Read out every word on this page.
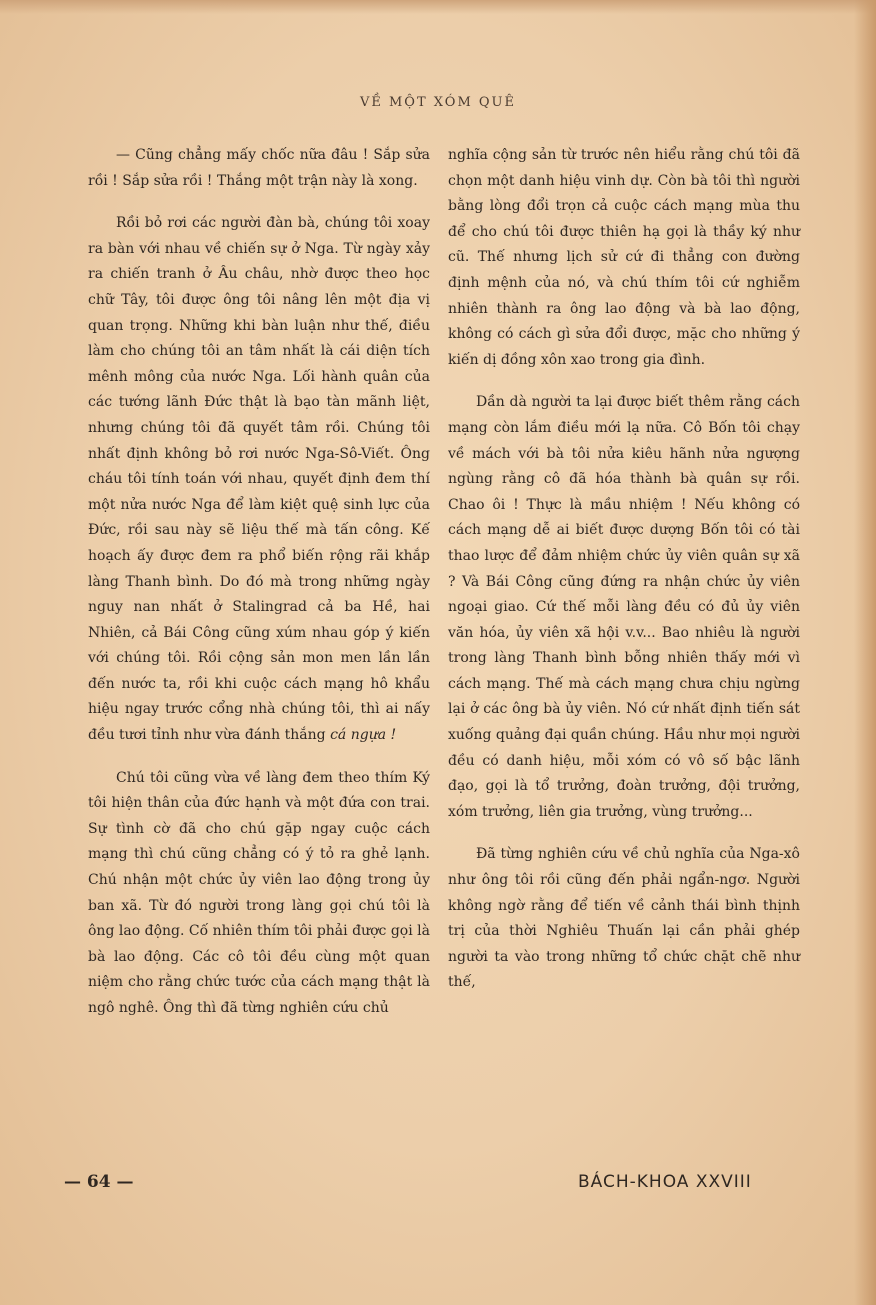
VỀ MỘT XÓM QUÊ

— Cũng chẳng mấy chốc nữa đâu ! Sắp sửa rồi ! Sắp sửa rồi ! Thắng một trận này là xong.

Rồi bỏ rơi các người đàn bà, chúng tôi xoay ra bàn với nhau về chiến sự ở Nga. Từ ngày xảy ra chiến tranh ở Âu châu, nhờ được theo học chữ Tây, tôi được ông tôi nâng lên một địa vị quan trọng. Những khi bàn luận như thế, điều làm cho chúng tôi an tâm nhất là cái diện tích mênh mông của nước Nga. Lối hành quân của các tướng lãnh Đức thật là bạo tàn mãnh liệt, nhưng chúng tôi đã quyết tâm rồi. Chúng tôi nhất định không bỏ rơi nước Nga-Sô-Viết. Ông cháu tôi tính toán với nhau, quyết định đem thí một nửa nước Nga để làm kiệt quệ sinh lực của Đức, rồi sau này sẽ liệu thế mà tấn công. Kế hoạch ấy được đem ra phổ biến rộng rãi khắp làng Thanh bình. Do đó mà trong những ngày nguy nan nhất ở Stalingrad cả ba Hề, hai Nhiên, cả Bái Công cũng xúm nhau góp ý kiến với chúng tôi. Rồi cộng sản mon men lần lần đến nước ta, rồi khi cuộc cách mạng hô khẩu hiệu ngay trước cổng nhà chúng tôi, thì ai nấy đều tươi tỉnh như vừa đánh thắng cá ngựa !

Chú tôi cũng vừa về làng đem theo thím Ký tôi hiện thân của đức hạnh và một đứa con trai. Sự tình cờ đã cho chú gặp ngay cuộc cách mạng thì chú cũng chẳng có ý tỏ ra ghẻ lạnh. Chú nhận một chức ủy viên lao động trong ủy ban xã. Từ đó người trong làng gọi chú tôi là ông lao động. Cố nhiên thím tôi phải được gọi là bà lao động. Các cô tôi đều cùng một quan niệm cho rằng chức tước của cách mạng thật là ngô nghê. Ông thì đã từng nghiên cứu chủ

nghĩa cộng sản từ trước nên hiểu rằng chú tôi đã chọn một danh hiệu vinh dự. Còn bà tôi thì người bằng lòng đổi trọn cả cuộc cách mạng mùa thu để cho chú tôi được thiên hạ gọi là thầy ký như cũ. Thế nhưng lịch sử cứ đi thẳng con đường định mệnh của nó, và chú thím tôi cứ nghiễm nhiên thành ra ông lao động và bà lao động, không có cách gì sửa đổi được, mặc cho những ý kiến dị đồng xôn xao trong gia đình.

Dần dà người ta lại được biết thêm rằng cách mạng còn lắm điều mới lạ nữa. Cô Bốn tôi chạy về mách với bà tôi nửa kiêu hãnh nửa ngượng ngùng rằng cô đã hóa thành bà quân sự rồi. Chao ôi ! Thực là mầu nhiệm ! Nếu không có cách mạng dễ ai biết được dượng Bốn tôi có tài thao lược để đảm nhiệm chức ủy viên quân sự xã ? Và Bái Công cũng đứng ra nhận chức ủy viên ngoại giao. Cứ thế mỗi làng đều có đủ ủy viên văn hóa, ủy viên xã hội v.v... Bao nhiêu là người trong làng Thanh bình bỗng nhiên thấy mới vì cách mạng. Thế mà cách mạng chưa chịu ngừng lại ở các ông bà ủy viên. Nó cứ nhất định tiến sát xuống quảng đại quần chúng. Hầu như mọi người đều có danh hiệu, mỗi xóm có vô số bậc lãnh đạo, gọi là tổ trưởng, đoàn trưởng, đội trưởng, xóm trưởng, liên gia trưởng, vùng trưởng...

Đã từng nghiên cứu về chủ nghĩa của Nga-xô như ông tôi rồi cũng đến phải ngẩn-ngơ. Người không ngờ rằng để tiến về cảnh thái bình thịnh trị của thời Nghiêu Thuấn lại cần phải ghép người ta vào trong những tổ chức chặt chẽ như thế,

— 64 —	BÁCH-KHOA XXVIII
